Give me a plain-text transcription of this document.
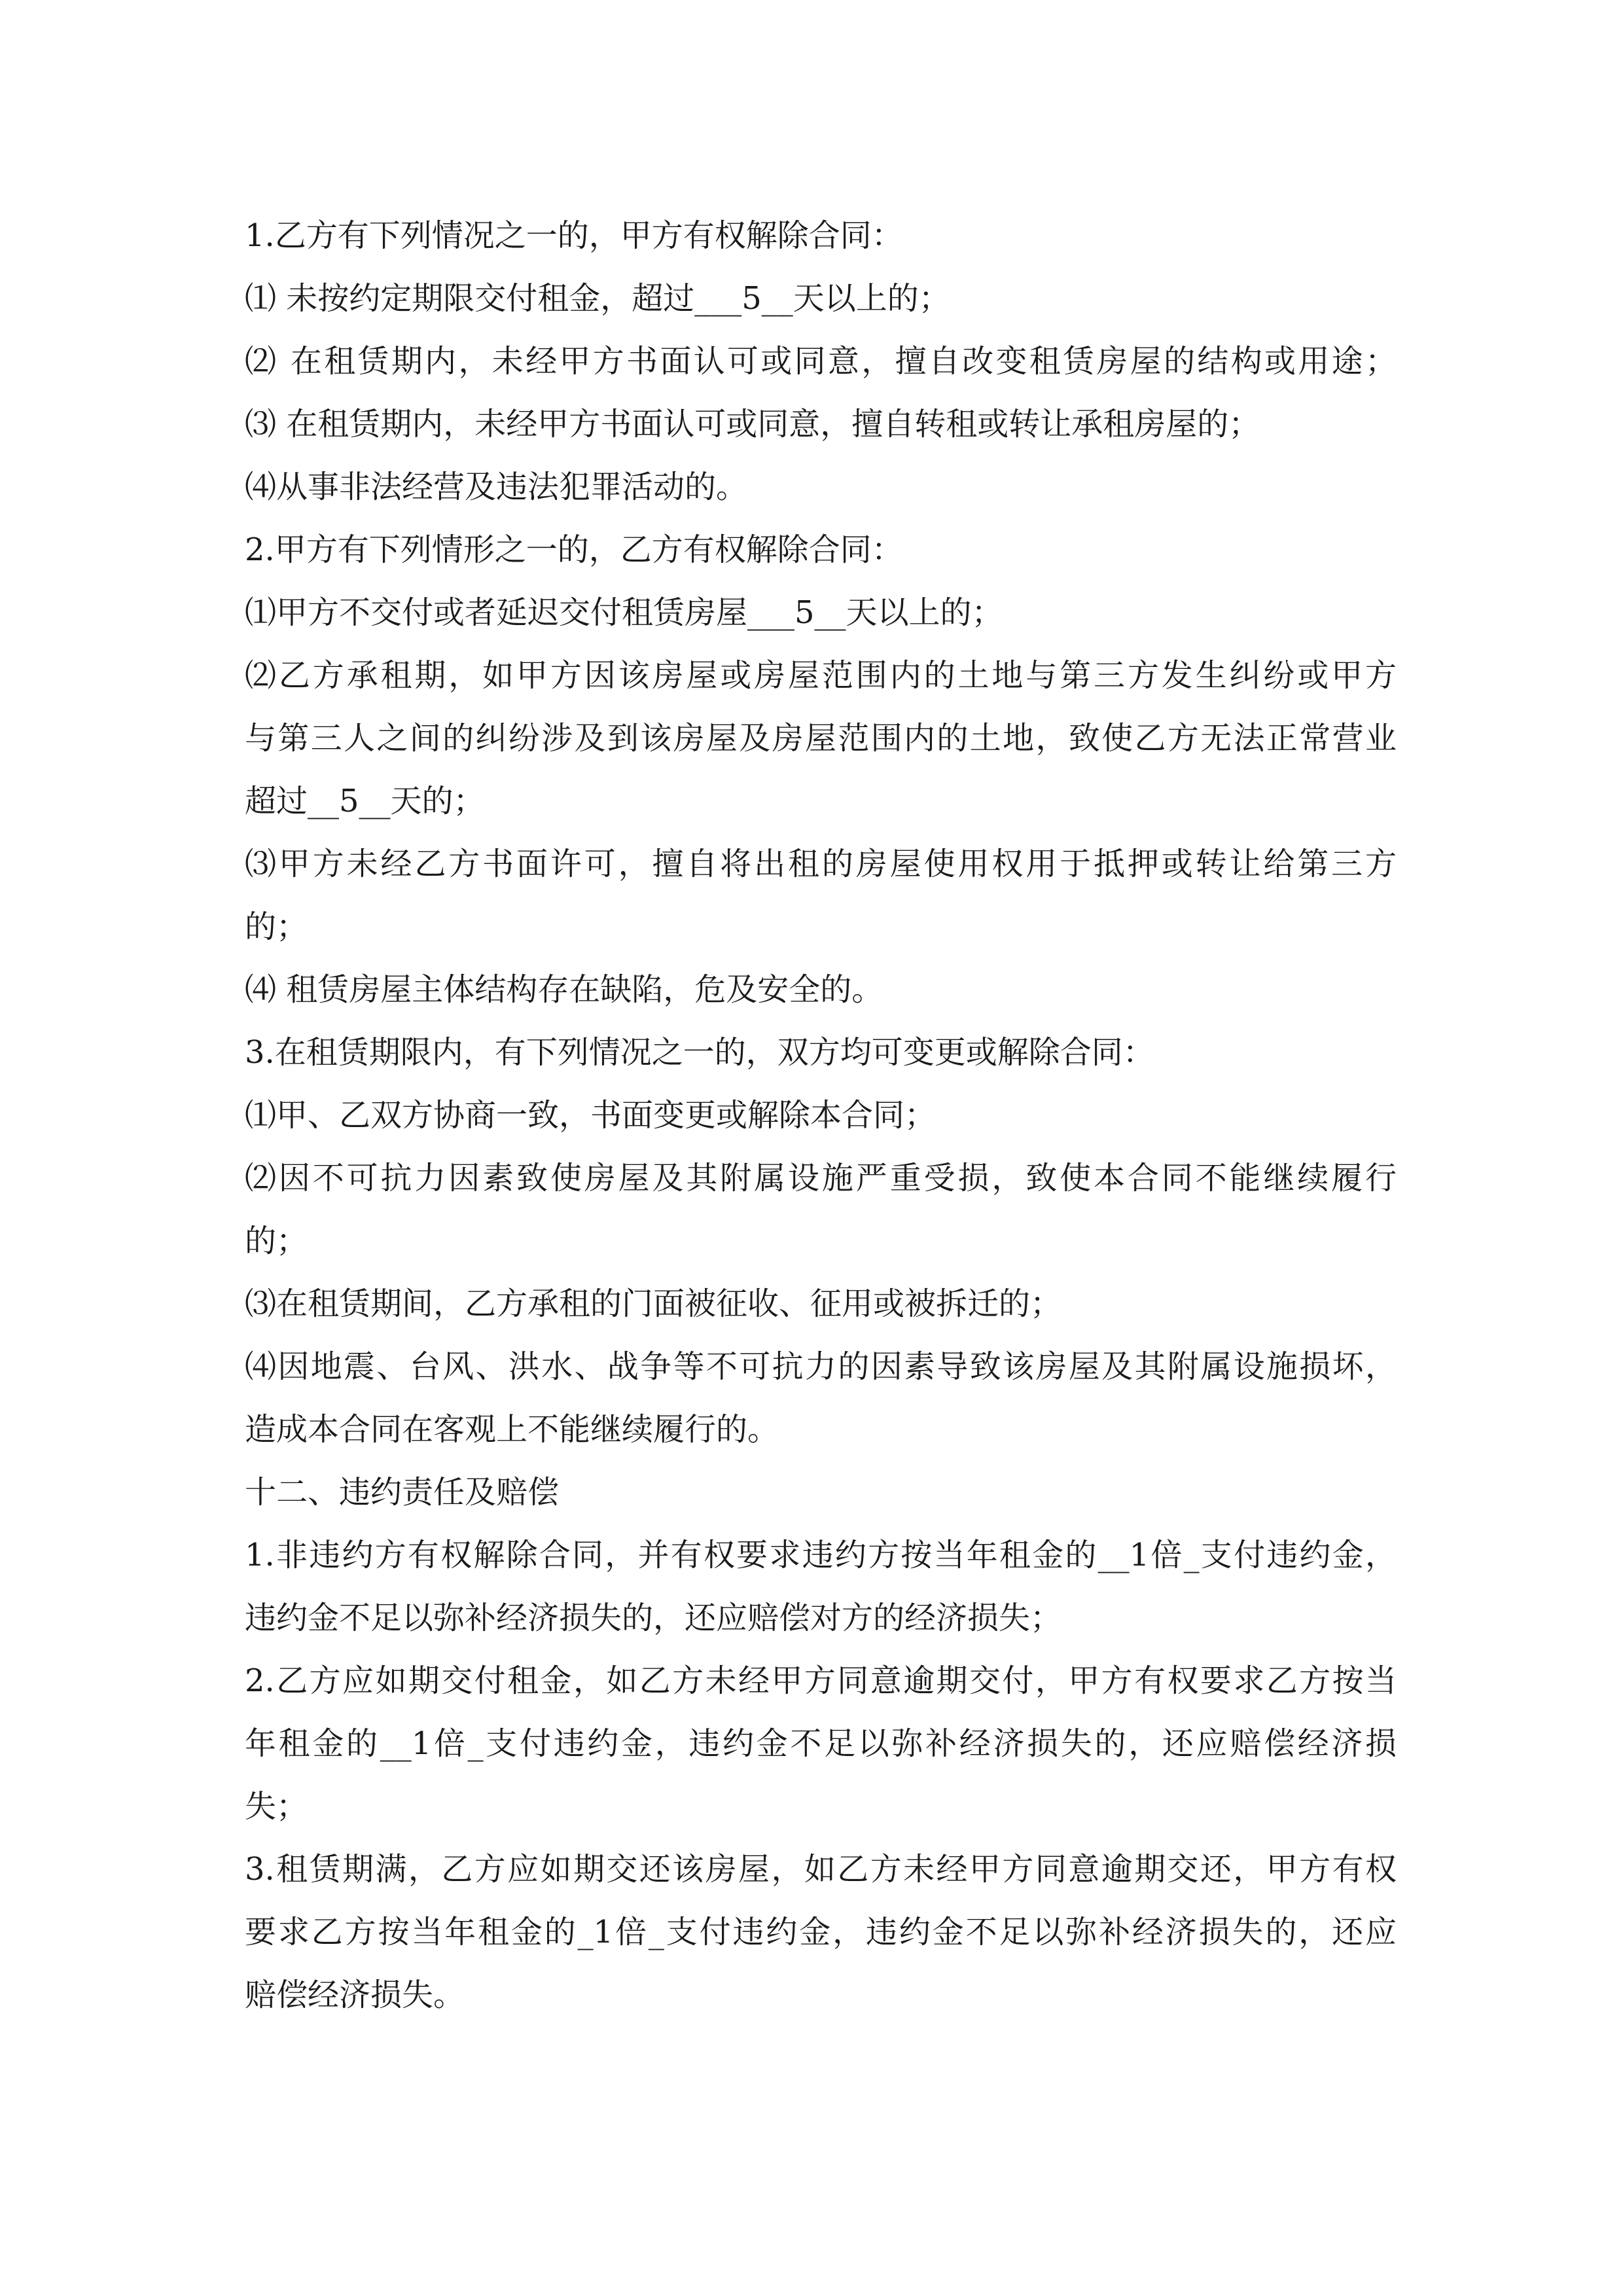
1.乙方有下列情况之一的，甲方有权解除合同：
⑴ 未按约定期限交付租金，超过___5__天以上的；
⑵ 在租赁期内，未经甲方书面认可或同意，擅自改变租赁房屋的结构或用途；
⑶ 在租赁期内，未经甲方书面认可或同意，擅自转租或转让承租房屋的；
⑷从事非法经营及违法犯罪活动的。
2.甲方有下列情形之一的，乙方有权解除合同：
⑴甲方不交付或者延迟交付租赁房屋___5__天以上的；
⑵乙方承租期，如甲方因该房屋或房屋范围内的土地与第三方发生纠纷或甲方
与第三人之间的纠纷涉及到该房屋及房屋范围内的土地，致使乙方无法正常营业
超过__5__天的；
⑶甲方未经乙方书面许可，擅自将出租的房屋使用权用于抵押或转让给第三方
的；
⑷ 租赁房屋主体结构存在缺陷，危及安全的。
3.在租赁期限内，有下列情况之一的，双方均可变更或解除合同：
⑴甲、乙双方协商一致，书面变更或解除本合同；
⑵因不可抗力因素致使房屋及其附属设施严重受损，致使本合同不能继续履行
的；
⑶在租赁期间，乙方承租的门面被征收、征用或被拆迁的；
⑷因地震、台风、洪水、战争等不可抗力的因素导致该房屋及其附属设施损坏，
造成本合同在客观上不能继续履行的。
十二、违约责任及赔偿
1.非违约方有权解除合同，并有权要求违约方按当年租金的__1倍_支付违约金，
违约金不足以弥补经济损失的，还应赔偿对方的经济损失；
2.乙方应如期交付租金，如乙方未经甲方同意逾期交付，甲方有权要求乙方按当
年租金的__1倍_支付违约金，违约金不足以弥补经济损失的，还应赔偿经济损
失；
3.租赁期满，乙方应如期交还该房屋，如乙方未经甲方同意逾期交还，甲方有权
要求乙方按当年租金的_1倍_支付违约金，违约金不足以弥补经济损失的，还应
赔偿经济损失。
